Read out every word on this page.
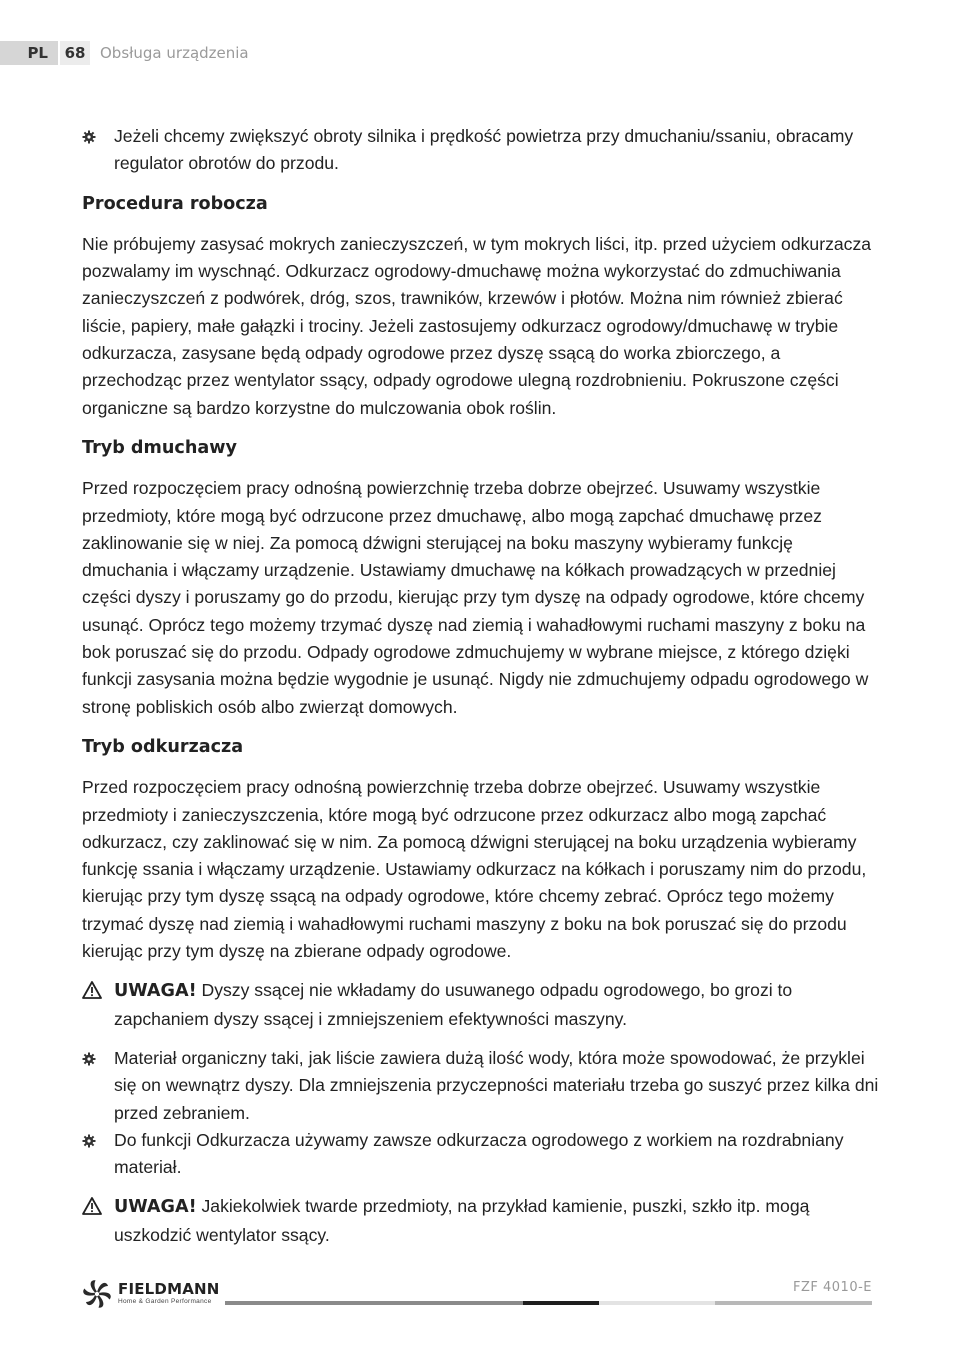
PL	68 Obsługa urządzenia

Jeżeli chcemy zwiększyć obroty silnika i prędkość powietrza przy dmuchaniu/ssaniu, obracamy regulator obrotów do przodu.

Procedura robocza

Nie próbujemy zasysać mokrych zanieczyszczeń, w tym mokrych liści, itp. przed użyciem odkurzacza pozwalamy im wyschnąć. Odkurzacz ogrodowy-dmuchawę można wykorzystać do zdmuchiwania zanieczyszczeń z podwórek, dróg, szos, trawników, krzewów i płotów. Można nim również zbierać liście, papiery, małe gałązki i trociny. Jeżeli zastosujemy odkurzacz ogrodowy/dmuchawę w trybie odkurzacza, zasysane będą odpady ogrodowe przez dyszę ssącą do worka zbiorczego, a przechodząc przez wentylator ssący, odpady ogrodowe ulegną rozdrobnieniu. Pokruszone części organiczne są bardzo korzystne do mulczowania obok roślin.

Tryb dmuchawy

Przed rozpoczęciem pracy odnośną powierzchnię trzeba dobrze obejrzeć. Usuwamy wszystkie przedmioty, które mogą być odrzucone przez dmuchawę, albo mogą zapchać dmuchawę przez zaklinowanie się w niej. Za pomocą dźwigni sterującej na boku maszyny wybieramy funkcję dmuchania i włączamy urządzenie. Ustawiamy dmuchawę na kółkach prowadzących w przedniej części dyszy i poruszamy go do przodu, kierując przy tym dyszę na odpady ogrodowe, które chcemy usunąć. Oprócz tego możemy trzymać dyszę nad ziemią i wahadłowymi ruchami maszyny z boku na bok poruszać się do przodu. Odpady ogrodowe zdmuchujemy w wybrane miejsce, z którego dzięki funkcji zasysania można będzie wygodnie je usunąć. Nigdy nie zdmuchujemy odpadu ogrodowego w stronę pobliskich osób albo zwierząt domowych.

Tryb odkurzacza

Przed rozpoczęciem pracy odnośną powierzchnię trzeba dobrze obejrzeć. Usuwamy wszystkie przedmioty i zanieczyszczenia, które mogą być odrzucone przez odkurzacz albo mogą zapchać odkurzacz, czy zaklinować się w nim. Za pomocą dźwigni sterującej na boku urządzenia wybieramy funkcję ssania i włączamy urządzenie. Ustawiamy odkurzacz na kółkach i poruszamy nim do przodu, kierując przy tym dyszę ssącą na odpady ogrodowe, które chcemy zebrać. Oprócz tego możemy trzymać dyszę nad ziemią i wahadłowymi ruchami maszyny z boku na bok poruszać się do przodu kierując przy tym dyszę na zbierane odpady ogrodowe.

UWAGA! Dyszy ssącej nie wkładamy do usuwanego odpadu ogrodowego, bo grozi to zapchaniem dyszy ssącej i zmniejszeniem efektywności maszyny.

Materiał organiczny taki, jak liście zawiera dużą ilość wody, która może spowodować, że przyklei się on wewnątrz dyszy. Dla zmniejszenia przyczepności materiału trzeba go suszyć przez kilka dni przed zebraniem.

Do funkcji Odkurzacza używamy zawsze odkurzacza ogrodowego z workiem na rozdrabniany materiał.

UWAGA! Jakiekolwiek twarde przedmioty, na przykład kamienie, puszki, szkło itp. mogą uszkodzić wentylator ssący.

FIELDMANN
Home & Garden Performance
FZF 4010-E
